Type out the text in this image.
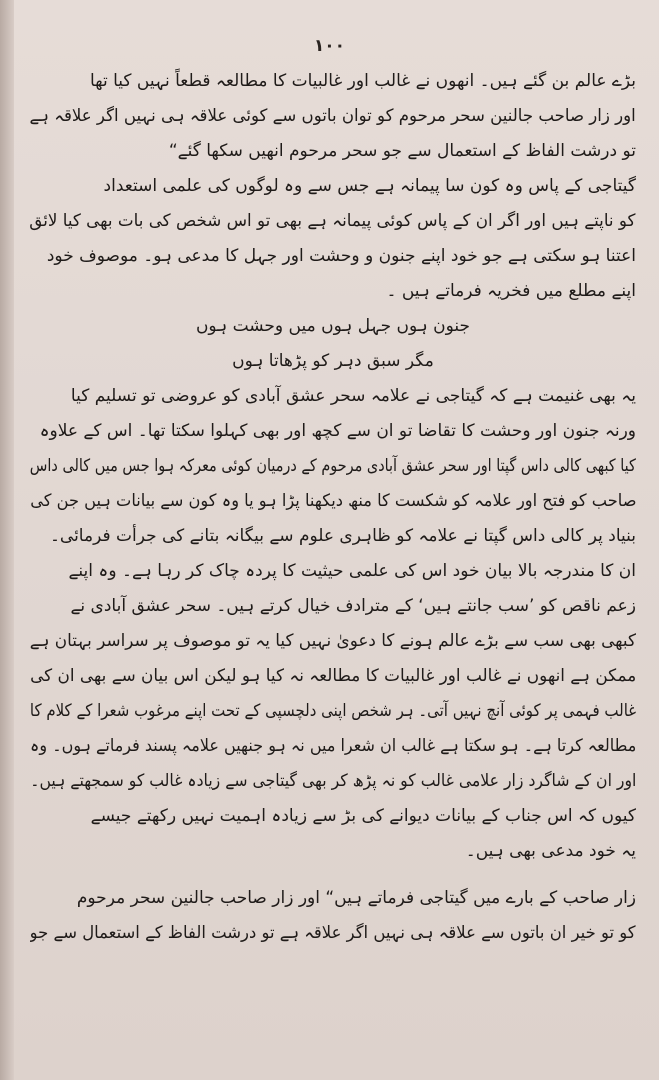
۱۰۰
بڑے عالم بن گئے ہیں۔ انھوں نے غالب اور غالبیات کا مطالعہ قطعاً نہیں کیا تھا
اور زار صاحب جالنین سحر مرحوم کو توان باتوں سے کوئی علاقہ ہی نہیں اگر علاقہ ہے
تو درشت الفاظ کے استعمال سے جو سحر مرحوم انھیں سکھا گئے“
گیتاجی کے پاس وہ کون سا پیمانہ ہے جس سے وہ لوگوں کی علمی استعداد
کو ناپتے ہیں اور اگر ان کے پاس کوئی پیمانہ ہے بھی تو اس شخص کی بات بھی کیا لائق
اعتنا ہو سکتی ہے جو خود اپنے جنون و وحشت اور جہل کا مدعی ہو۔ موصوف خود
اپنے مطلع میں فخریہ فرماتے ہیں ۔
جنون ہوں جہل ہوں میں وحشت ہوں
مگر سبق دہر کو پڑھاتا ہوں
یہ بھی غنیمت ہے کہ گیتاجی نے علامہ سحر عشق آبادی کو عروضی تو تسلیم کیا
ورنہ جنون اور وحشت کا تقاضا تو ان سے کچھ اور بھی کہلوا سکتا تھا۔ اس کے علاوہ
کیا کبھی کالی داس گپتا اور سحر عشق آبادی مرحوم کے درمیان کوئی معرکہ ہوا جس میں کالی داس
صاحب کو فتح اور علامہ کو شکست کا منھ دیکھنا پڑا ہو یا وہ کون سے بیانات ہیں جن کی
بنیاد پر کالی داس گپتا نے علامہ کو ظاہری علوم سے بیگانہ بتانے کی جرأت فرمائی۔
ان کا مندرجہ بالا بیان خود اس کی علمی حیثیت کا پردہ چاک کر رہا ہے۔ وہ اپنے
زعم ناقص کو ’سب جانتے ہیں‘ کے مترادف خیال کرتے ہیں۔ سحر عشق آبادی نے
کبھی بھی سب سے بڑے عالم ہونے کا دعویٰ نہیں کیا یہ تو موصوف پر سراسر بہتان ہے
ممکن ہے انھوں نے غالب اور غالبیات کا مطالعہ نہ کیا ہو لیکن اس بیان سے بھی ان کی
غالب فہمی پر کوئی آنچ نہیں آتی۔ ہر شخص اپنی دلچسپی کے تحت اپنے مرغوب شعرا کے کلام کا
مطالعہ کرتا ہے۔ ہو سکتا ہے غالب ان شعرا میں نہ ہو جنھیں علامہ پسند فرماتے ہوں۔ وہ
اور ان کے شاگرد زار علامی غالب کو نہ پڑھ کر بھی گیتاجی سے زیادہ غالب کو سمجھتے ہیں۔
کیوں کہ اس جناب کے بیانات دیوانے کی بڑ سے زیادہ اہمیت نہیں رکھتے جیسے
یہ خود مدعی بھی ہیں۔
زار صاحب کے بارے میں گیتاجی فرماتے ہیں“ اور زار صاحب جالنین سحر مرحوم
کو تو خیر ان باتوں سے علاقہ ہی نہیں اگر علاقہ ہے تو درشت الفاظ کے استعمال سے جو
